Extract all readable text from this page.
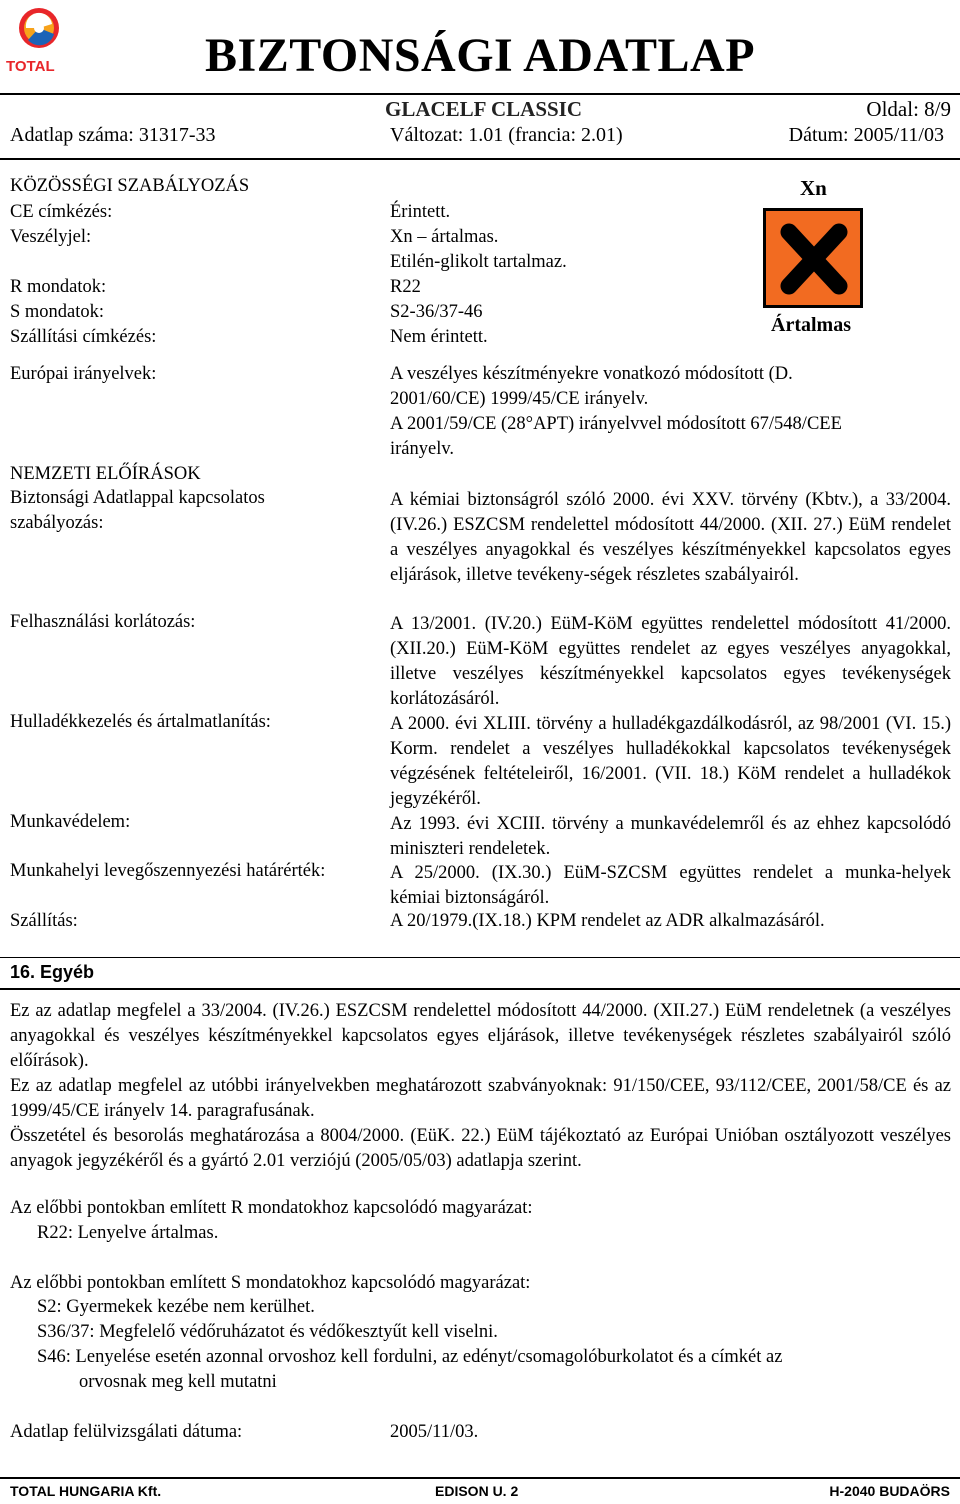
TOTAL	BIZTONSÁGI ADATLAP
GLACELF CLASSIC	Oldal: 8/9
Adatlap száma: 31317-33	Változat: 1.01 (francia: 2.01)	Dátum: 2005/11/03
Xn
Ártalmas
KÖZÖSSÉGI SZABÁLYOZÁS
CE címkézés:	Érintett.
Veszélyjel:	Xn – ártalmas.
Etilén-glikolt tartalmaz.
R mondatok:	R22
S mondatok:	S2-36/37-46
Szállítási címkézés:	Nem érintett.
Európai irányelvek:	A veszélyes készítményekre vonatkozó módosított (D.
2001/60/CE) 1999/45/CE irányelv.
A 2001/59/CE (28°APT) irányelvvel módosított 67/548/CEE
irányelv.
NEMZETI ELŐÍRÁSOK
Biztonsági Adatlappal kapcsolatos
szabályozás:
A kémiai biztonságról szóló 2000. évi XXV. törvény (Kbtv.), a 33/2004. (IV.26.) ESZCSM rendelettel módosított 44/2000. (XII. 27.) EüM rendelet a veszélyes anyagokkal és veszélyes készítményekkel kapcsolatos egyes eljárások, illetve tevékeny-ségek részletes szabályairól.
Felhasználási korlátozás:	A 13/2001. (IV.20.) EüM-KöM együttes rendelettel módosított 41/2000. (XII.20.) EüM-KöM együttes rendelet az egyes veszélyes anyagokkal, illetve veszélyes készítményekkel kapcsolatos egyes tevékenységek korlátozásáról.
Hulladékkezelés és ártalmatlanítás:	A 2000. évi XLIII. törvény a hulladékgazdálkodásról, az 98/2001 (VI. 15.) Korm. rendelet a veszélyes hulladékokkal kapcsolatos tevékenységek végzésének feltételeiről, 16/2001. (VII. 18.) KöM rendelet a hulladékok jegyzékéről.
Munkavédelem:	Az 1993. évi XCIII. törvény a munkavédelemről és az ehhez kapcsolódó miniszteri rendeletek.
Munkahelyi levegőszennyezési határérték:	A 25/2000. (IX.30.) EüM-SZCSM együttes rendelet a munka-helyek kémiai biztonságáról.
Szállítás:	A 20/1979.(IX.18.) KPM rendelet az ADR alkalmazásáról.
16. Egyéb
Ez az adatlap megfelel a 33/2004. (IV.26.) ESZCSM rendelettel módosított 44/2000. (XII.27.) EüM rendeletnek (a veszélyes anyagokkal és veszélyes készítményekkel kapcsolatos egyes eljárások, illetve tevékenységek részletes szabályairól szóló előírások).
Ez az adatlap megfelel az utóbbi irányelvekben meghatározott szabványoknak: 91/150/CEE, 93/112/CEE, 2001/58/CE és az 1999/45/CE irányelv 14. paragrafusának.
Összetétel és besorolás meghatározása a 8004/2000. (EüK. 22.) EüM tájékoztató az Európai Unióban osztályozott veszélyes anyagok jegyzékéről és a gyártó 2.01 verziójú (2005/05/03) adatlapja szerint.
Az előbbi pontokban említett R mondatokhoz kapcsolódó magyarázat:
R22: Lenyelve ártalmas.
Az előbbi pontokban említett S mondatokhoz kapcsolódó magyarázat:
S2: Gyermekek kezébe nem kerülhet.
S36/37: Megfelelő védőruházatot és védőkesztyűt kell viselni.
S46: Lenyelése esetén azonnal orvoshoz kell fordulni, az edényt/csomagolóburkolatot és a címkét az
orvosnak meg kell mutatni
Adatlap felülvizsgálati dátuma:	2005/11/03.
TOTAL HUNGARIA Kft.	EDISON U. 2	H-2040 BUDAÖRS
